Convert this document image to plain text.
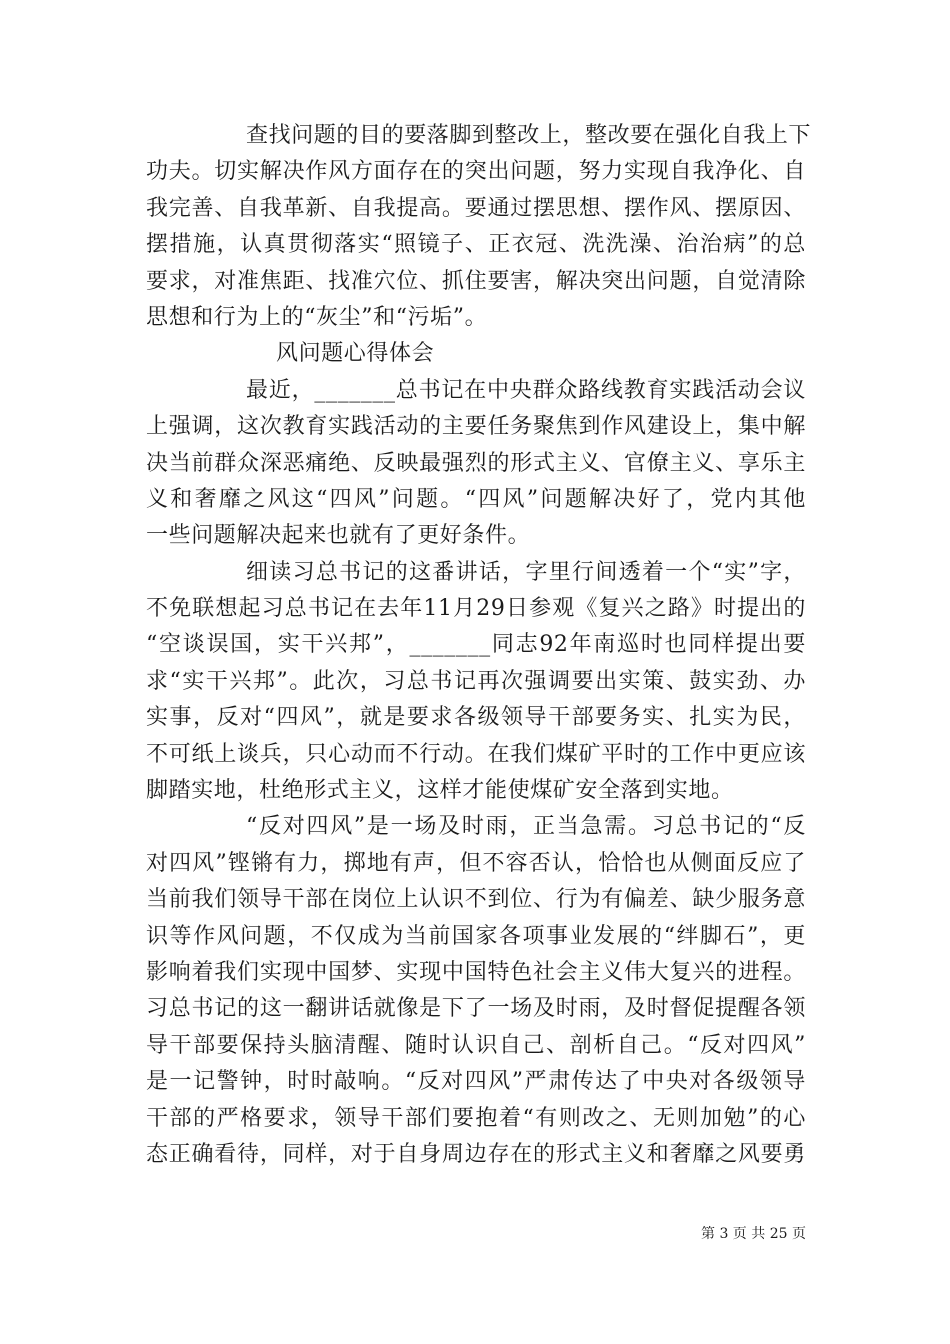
查找问题的目的要落脚到整改上，整改要在强化自我上下
功夫。切实解决作风方面存在的突出问题，努力实现自我净化、自
我完善、自我革新、自我提高。要通过摆思想、摆作风、摆原因、
摆措施，认真贯彻落实“照镜子、正衣冠、洗洗澡、治治病”的总
要求，对准焦距、找准穴位、抓住要害，解决突出问题，自觉清除
思想和行为上的“灰尘”和“污垢”。
风问题心得体会
最近，_______总书记在中央群众路线教育实践活动会议
上强调，这次教育实践活动的主要任务聚焦到作风建设上，集中解
决当前群众深恶痛绝、反映最强烈的形式主义、官僚主义、享乐主
义和奢靡之风这“四风”问题。“四风”问题解决好了，党内其他
一些问题解决起来也就有了更好条件。
细读习总书记的这番讲话，字里行间透着一个“实”字，
不免联想起习总书记在去年11月29日参观《复兴之路》时提出的
“空谈误国，实干兴邦”，_______同志92年南巡时也同样提出要
求“实干兴邦”。此次，习总书记再次强调要出实策、鼓实劲、办
实事，反对“四风”，就是要求各级领导干部要务实、扎实为民，
不可纸上谈兵，只心动而不行动。在我们煤矿平时的工作中更应该
脚踏实地，杜绝形式主义，这样才能使煤矿安全落到实地。
“反对四风”是一场及时雨，正当急需。习总书记的“反
对四风”铿锵有力，掷地有声，但不容否认，恰恰也从侧面反应了
当前我们领导干部在岗位上认识不到位、行为有偏差、缺少服务意
识等作风问题，不仅成为当前国家各项事业发展的“绊脚石”，更
影响着我们实现中国梦、实现中国特色社会主义伟大复兴的进程。
习总书记的这一翻讲话就像是下了一场及时雨，及时督促提醒各领
导干部要保持头脑清醒、随时认识自己、剖析自己。“反对四风”
是一记警钟，时时敲响。“反对四风”严肃传达了中央对各级领导
干部的严格要求，领导干部们要抱着“有则改之、无则加勉”的心
态正确看待，同样，对于自身周边存在的形式主义和奢靡之风要勇
第 3 页 共 25 页
